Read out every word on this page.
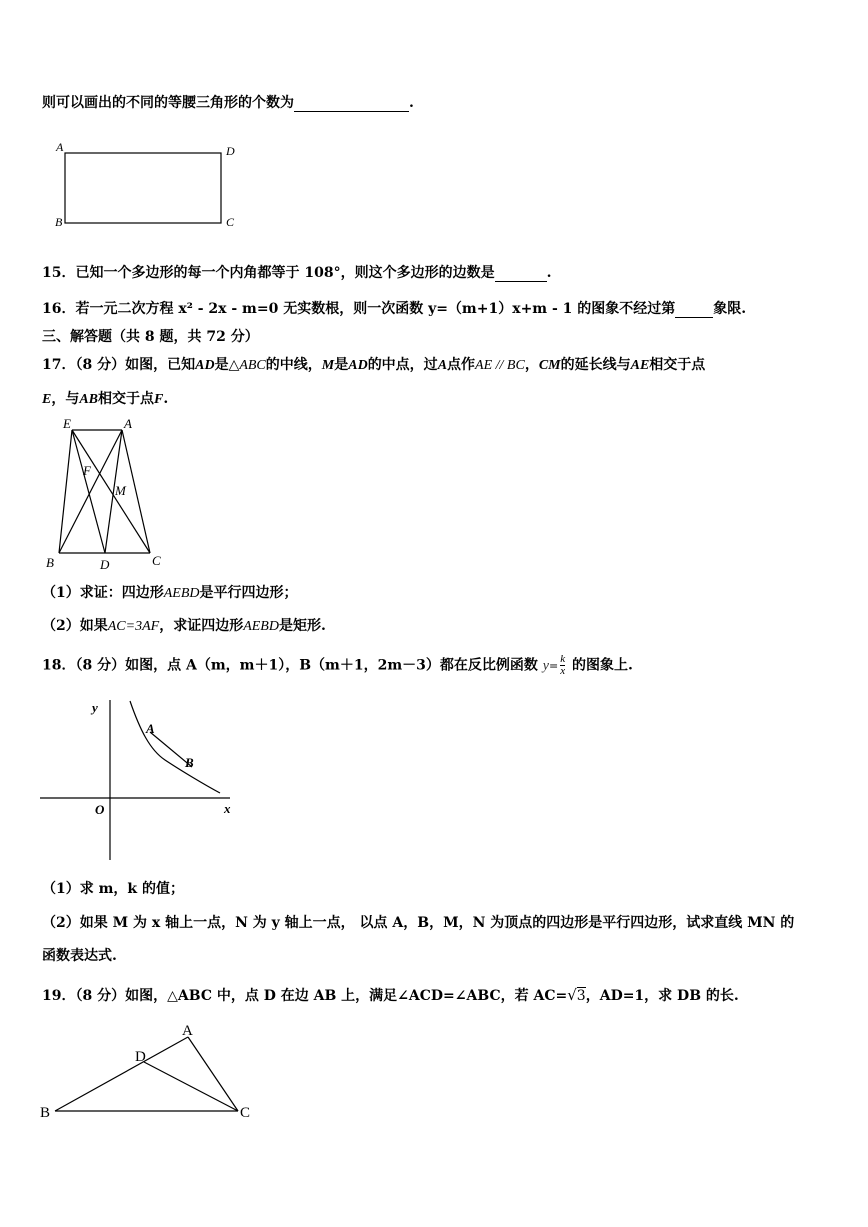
则可以画出的不同的等腰三角形的个数为	.
A	D
B	C
15．已知一个多边形的每一个内角都等于 108°，则这个多边形的边数是	.
16．若一元二次方程 x² - 2x - m=0 无实数根，则一次函数 y=（m+1）x+m - 1 的图象不经过第	象限.
三、解答题（共 8 题，共 72 分）
17．（8 分）如图，已知AD是△ABC的中线，M是AD的中点，过A点作AE // BC，CM的延长线与AE相交于点
E，与AB相交于点F.
E	A
F
M
B	D	C
（1）求证：四边形AEBD是平行四边形；
（2）如果AC=3AF，求证四边形AEBD是矩形.
18．（8 分）如图，点 A（m，m＋1），B（m＋1，2m－3）都在反比例函数 $y= \frac{k}{x}$ 的图象上.
y
x
O
A
B
（1）求 m，k 的值；
（2）如果 M 为 x 轴上一点，N 为 y 轴上一点， 以点 A，B，M，N 为顶点的四边形是平行四边形，试求直线 MN 的
函数表达式.
19．（8 分）如图，△ABC 中，点 D 在边 AB 上，满足∠ACD=∠ABC，若 AC=√3，AD=1，求 DB 的长.
A
D
B	C
